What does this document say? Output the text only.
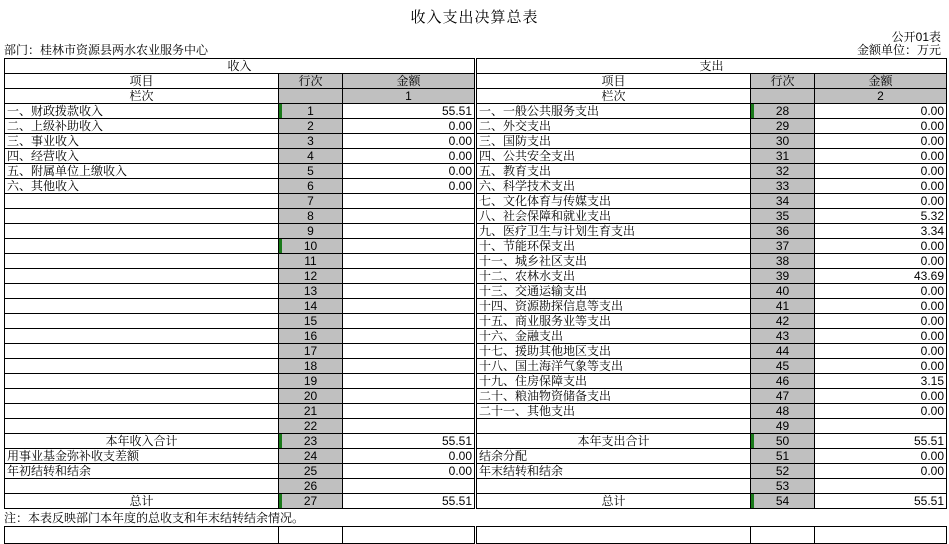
收入支出决算总表
公开01表
部门：桂林市资源县两水农业服务中心	金额单位：万元
收入				支出		
项目	行次	金额		项目	行次	金额
栏次		1		栏次		2
一、财政拨款收入	1	55.51		一、一般公共服务支出	28	0.00
二、上级补助收入	2	0.00		二、外交支出	29	0.00
三、事业收入	3	0.00		三、国防支出	30	0.00
四、经营收入	4	0.00		四、公共安全支出	31	0.00
五、附属单位上缴收入	5	0.00		五、教育支出	32	0.00
六、其他收入	6	0.00		六、科学技术支出	33	0.00
	7			七、文化体育与传媒支出	34	0.00
	8			八、社会保障和就业支出	35	5.32
	9			九、医疗卫生与计划生育支出	36	3.34
	10			十、节能环保支出	37	0.00
	11			十一、城乡社区支出	38	0.00
	12			十二、农林水支出	39	43.69
	13			十三、交通运输支出	40	0.00
	14			十四、资源勘探信息等支出	41	0.00
	15			十五、商业服务业等支出	42	0.00
	16			十六、金融支出	43	0.00
	17			十七、援助其他地区支出	44	0.00
	18			十八、国土海洋气象等支出	45	0.00
	19			十九、住房保障支出	46	3.15
	20			二十、粮油物资储备支出	47	0.00
	21			二十一、其他支出	48	0.00
	22				49	
本年收入合计	23	55.51		本年支出合计	50	55.51
用事业基金弥补收支差额	24	0.00		结余分配	51	0.00
年初结转和结余	25	0.00		年末结转和结余	52	0.00
	26				53	
总计	27	55.51		总计	54	55.51
注：本表反映部门本年度的总收支和年末结转结余情况。
